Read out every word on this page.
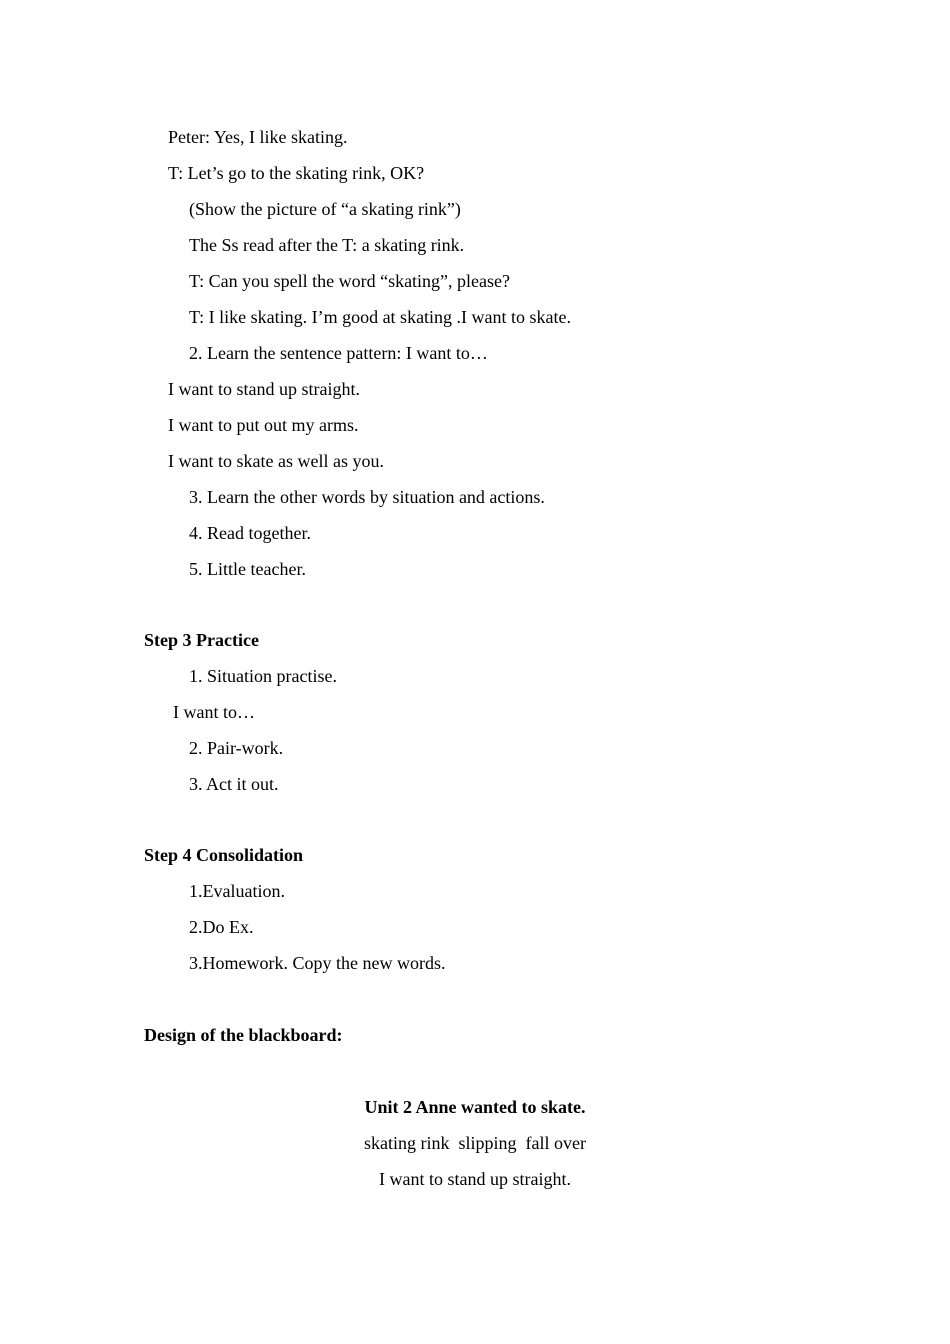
Peter: Yes, I like skating.
T: Let’s go to the skating rink, OK?
(Show the picture of “a skating rink”)
The Ss read after the T: a skating rink.
T: Can you spell the word “skating”, please?
T: I like skating. I’m good at skating .I want to skate.
2. Learn the sentence pattern: I want to…
I want to stand up straight.
I want to put out my arms.
I want to skate as well as you.
3. Learn the other words by situation and actions.
4. Read together.
5. Little teacher.
Step 3 Practice
1. Situation practise.
I want to…
2. Pair-work.
3. Act it out.
Step 4 Consolidation
1.Evaluation.
2.Do Ex.
3.Homework. Copy the new words.
Design of the blackboard:
Unit 2 Anne wanted to skate.
skating rink  slipping  fall over
I want to stand up straight.
